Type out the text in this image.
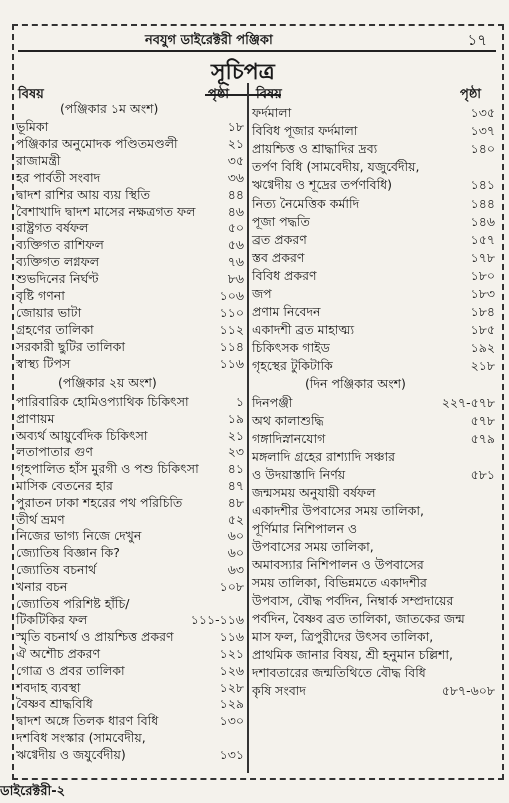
নবযুগ ডাইরেক্টরী পঞ্জিকা	১৭
সূচিপত্র
বিষয়	পৃষ্ঠা বিষয়	পৃষ্ঠা
(পঞ্জিকার ১ম অংশ)
(পঞ্জিকার ২য় অংশ)	(দিন পঞ্জিকার অংশ)
ভূমিকা	১৮
পঞ্জিকার অনুমোদক পণ্ডিতমণ্ডলী	২১
রাজামন্ত্রী	৩৫
হর পার্বতী সংবাদ	৩৬
দ্বাদশ রাশির আয় ব্যয় স্থিতি	৪৪
বৈশাখাদি দ্বাদশ মাসের নক্ষত্রগত ফল	৪৬
রাষ্ট্রগত বর্ষফল	৫০
ব্যক্তিগত রাশিফল	৫৬
ব্যক্তিগত লগ্নফল	৭৬
শুভদিনের নির্ঘণ্ট	৮৬
বৃষ্টি গণনা	১০৬
জোয়ার ভাটা	১১০
গ্রহণের তালিকা	১১২
সরকারী ছুটির তালিকা	১১৪
স্বাস্থ্য টিপস	১১৬
পারিবারিক হোমিওপ্যাথিক চিকিৎসা	১
প্রাণায়ম	১৯
অব্যর্থ আয়ুর্বেদিক চিকিৎসা	২১
লতাপাতার গুণ	২৩
গৃহপালিত হাঁস মুরগী ও পশু চিকিৎসা ৪১
মাসিক বেতনের হার	৪৭
পুরাতন ঢাকা শহরের পথ পরিচিতি	৪৮
তীর্থ ভ্রমণ	৫২
নিজের ভাগ্য নিজে দেখুন	৬০
জ্যোতিষ বিজ্ঞান কি?	৬০
জ্যোতিষ বচনার্থ	৬৩
খনার বচন	১০৮
জ্যোতিষ পরিশিষ্ট হাঁচি/
টিকটিকির ফল	১১১-১১৬
স্মৃতি বচনার্থ ও প্রায়শ্চিত্ত প্রকরণ	১১৬
ঐ অশৌচ প্রকরণ	১২১
গোত্র ও প্রবর তালিকা	১২৬
শবদাহ ব্যবস্থা	১২৮
বৈষ্ণব শ্রাদ্ধবিধি	১২৯
দ্বাদশ অঙ্গে তিলক ধারণ বিধি	১৩০
দশবিধ সংস্কার (সামবেদীয়,
ঋগ্বেদীয় ও জযুর্বেদীয়)	১৩১
ফর্দমালা	১৩৫
বিবিধ পূজার ফর্দমালা	১৩৭
প্রায়শ্চিত্ত ও শ্রাদ্ধাদির দ্রব্য	১৪০
তর্পণ বিধি (সামবেদীয়, যজুর্বেদীয়,
ঋগ্বেদীয় ও শূদ্রের তর্পণবিধি)	১৪১
নিত্য নৈমেত্তিক কর্মাদি	১৪৪
পূজা পদ্ধতি	১৪৬
ব্রত প্রকরণ	১৫৭
স্তব প্রকরণ	১৭৮
বিবিধ প্রকরণ	১৮০
জপ	১৮৩
প্রণাম নিবেদন	১৮৪
একাদশী ব্রত মাহাত্ম্য	১৮৫
চিকিৎসক গাইড	১৯২
গৃহস্থের টুকিটাকি	২১৮
দিনপঞ্জী	২২৭-৫৭৮
অথ কালাশুদ্ধি	৫৭৮
গঙ্গাদিস্নানযোগ	৫৭৯
মঙ্গলাদি গ্রহের রাশ্যাদি সঞ্চার
ও উদয়াস্তাদি নির্ণয়	৫৮১
জন্মসময় অনুযায়ী বর্ষফল
একাদশীর উপবাসের সময় তালিকা,
পূর্ণিমার নিশিপালন ও
উপবাসের সময় তালিকা,
অমাবস্যার নিশিপালন ও উপবাসের
সময় তালিকা, বিভিন্নমতে একাদশীর
উপবাস, বৌদ্ধ পর্বদিন, নিম্বার্ক সম্প্রদায়ের
পর্বদিন, বৈষ্ণব ব্রত তালিকা, জাতকের জন্ম
মাস ফল, ত্রিপুরীদের উৎসব তালিকা,
প্রাথমিক জানার বিষয়, শ্রী হনুমান চল্লিশা,
দশাবতারের জন্মতিথিতে বৌদ্ধ বিধি
কৃষি সংবাদ	৫৮৭-৬০৮
ডাইরেক্টরী-২
